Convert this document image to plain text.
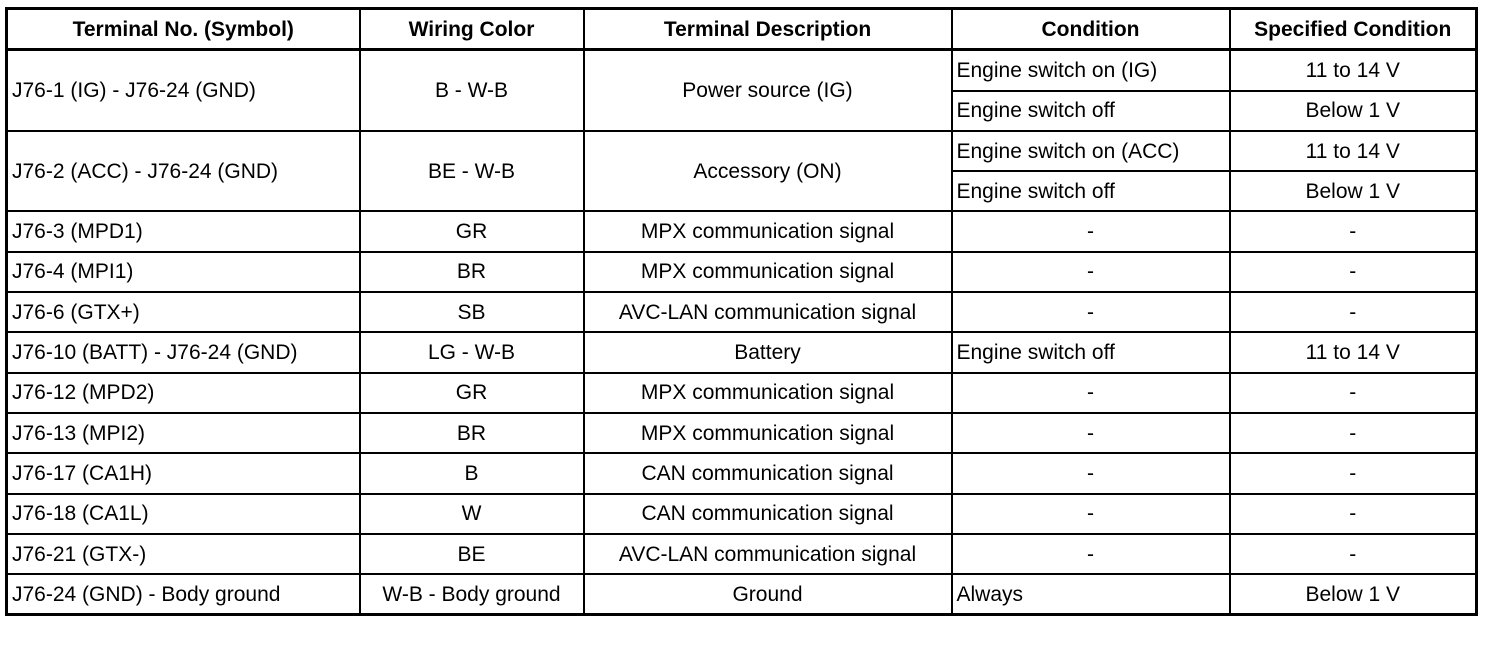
Terminal No. (Symbol)	Wiring Color	Terminal Description	Condition	Specified Condition
J76-1 (IG) - J76-24 (GND)	B - W-B	Power source (IG)	Engine switch on (IG)	11 to 14 V
			Engine switch off	Below 1 V
J76-2 (ACC) - J76-24 (GND)	BE - W-B	Accessory (ON)	Engine switch on (ACC)	11 to 14 V
			Engine switch off	Below 1 V
J76-3 (MPD1)	GR	MPX communication signal	-	-
J76-4 (MPI1)	BR	MPX communication signal	-	-
J76-6 (GTX+)	SB	AVC-LAN communication signal	-	-
J76-10 (BATT) - J76-24 (GND)	LG - W-B	Battery	Engine switch off	11 to 14 V
J76-12 (MPD2)	GR	MPX communication signal	-	-
J76-13 (MPI2)	BR	MPX communication signal	-	-
J76-17 (CA1H)	B	CAN communication signal	-	-
J76-18 (CA1L)	W	CAN communication signal	-	-
J76-21 (GTX-)	BE	AVC-LAN communication signal	-	-
J76-24 (GND) - Body ground	W-B - Body ground	Ground	Always	Below 1 V
